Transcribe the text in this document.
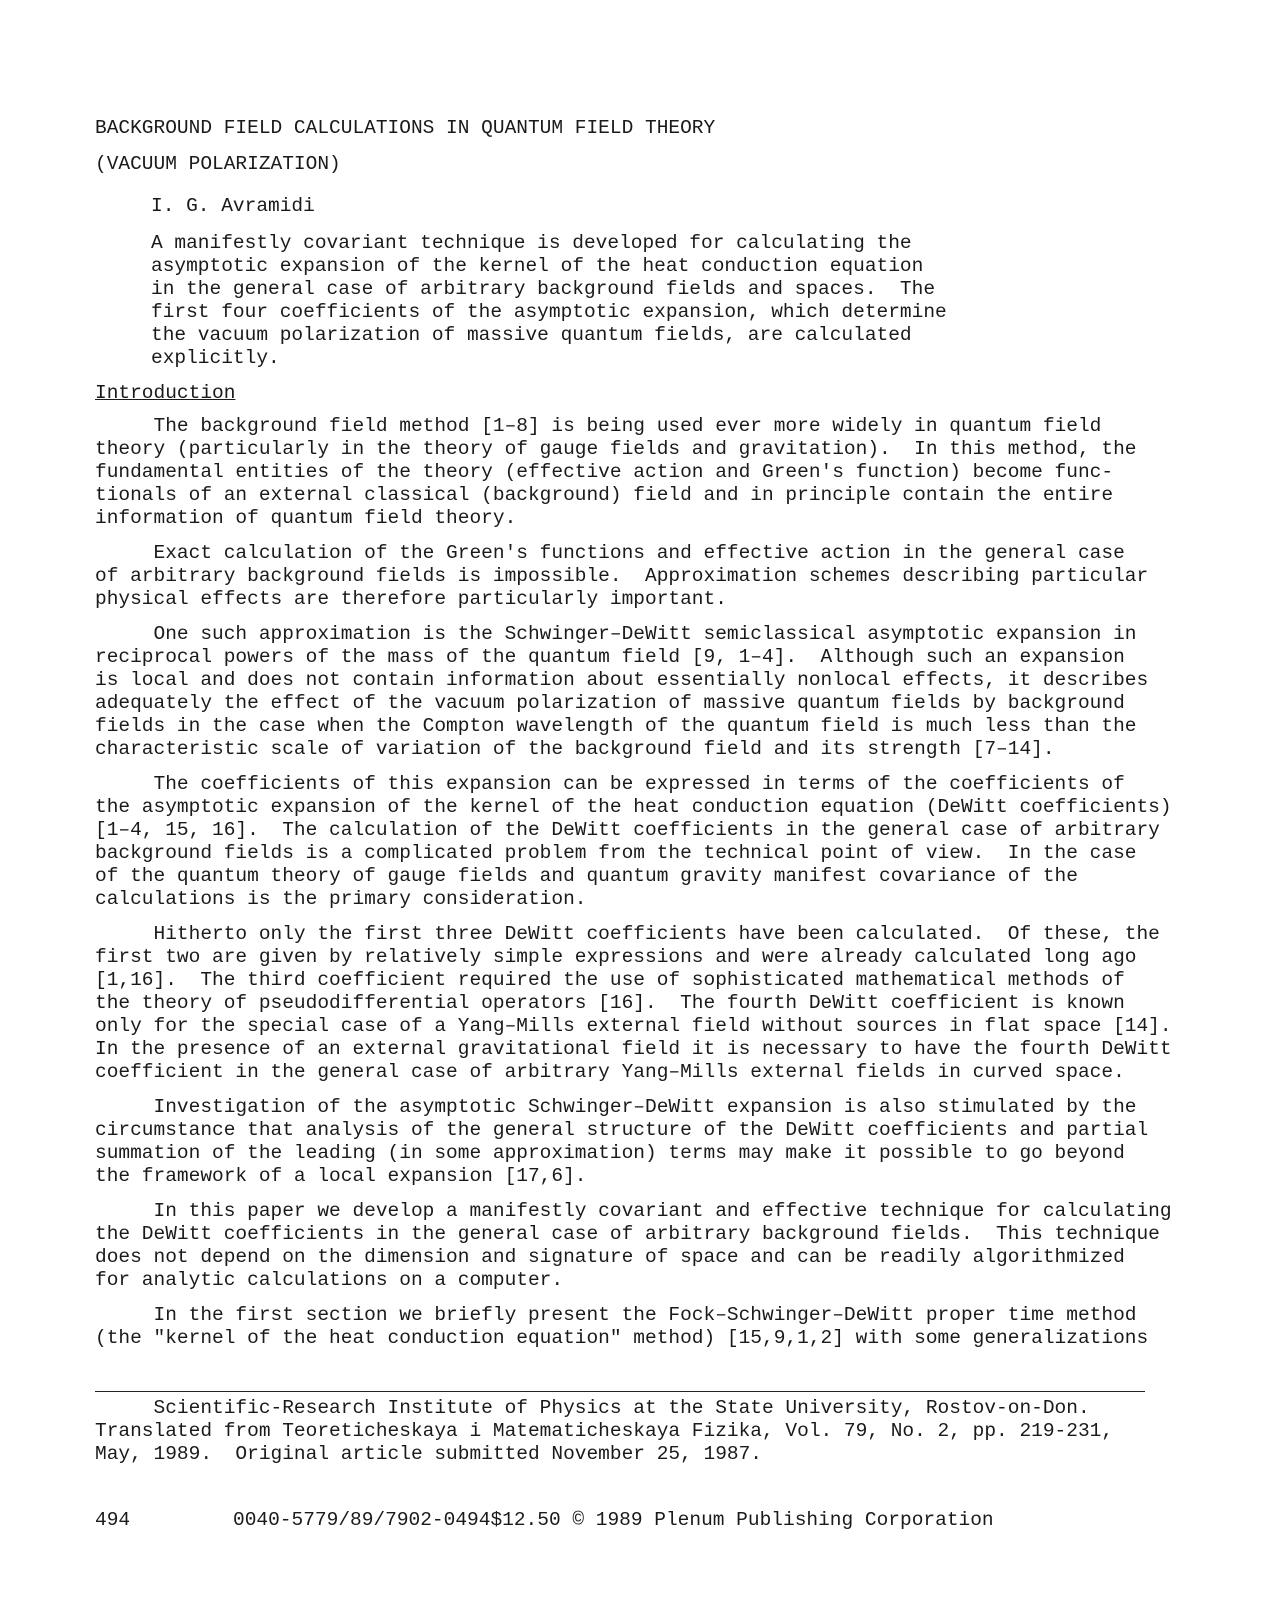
BACKGROUND FIELD CALCULATIONS IN QUANTUM FIELD THEORY
(VACUUM POLARIZATION)
I. G. Avramidi
A manifestly covariant technique is developed for calculating the
asymptotic expansion of the kernel of the heat conduction equation
in the general case of arbitrary background fields and spaces.  The
first four coefficients of the asymptotic expansion, which determine
the vacuum polarization of massive quantum fields, are calculated
explicitly.
Introduction
The background field method [1–8] is being used ever more widely in quantum field
theory (particularly in the theory of gauge fields and gravitation).  In this method, the
fundamental entities of the theory (effective action and Green's function) become func-
tionals of an external classical (background) field and in principle contain the entire
information of quantum field theory.
Exact calculation of the Green's functions and effective action in the general case
of arbitrary background fields is impossible.  Approximation schemes describing particular
physical effects are therefore particularly important.
One such approximation is the Schwinger–DeWitt semiclassical asymptotic expansion in
reciprocal powers of the mass of the quantum field [9, 1–4].  Although such an expansion
is local and does not contain information about essentially nonlocal effects, it describes
adequately the effect of the vacuum polarization of massive quantum fields by background
fields in the case when the Compton wavelength of the quantum field is much less than the
characteristic scale of variation of the background field and its strength [7–14].
The coefficients of this expansion can be expressed in terms of the coefficients of
the asymptotic expansion of the kernel of the heat conduction equation (DeWitt coefficients)
[1–4, 15, 16].  The calculation of the DeWitt coefficients in the general case of arbitrary
background fields is a complicated problem from the technical point of view.  In the case
of the quantum theory of gauge fields and quantum gravity manifest covariance of the
calculations is the primary consideration.
Hitherto only the first three DeWitt coefficients have been calculated.  Of these, the
first two are given by relatively simple expressions and were already calculated long ago
[1,16].  The third coefficient required the use of sophisticated mathematical methods of
the theory of pseudodifferential operators [16].  The fourth DeWitt coefficient is known
only for the special case of a Yang–Mills external field without sources in flat space [14].
In the presence of an external gravitational field it is necessary to have the fourth DeWitt
coefficient in the general case of arbitrary Yang–Mills external fields in curved space.
Investigation of the asymptotic Schwinger–DeWitt expansion is also stimulated by the
circumstance that analysis of the general structure of the DeWitt coefficients and partial
summation of the leading (in some approximation) terms may make it possible to go beyond
the framework of a local expansion [17,6].
In this paper we develop a manifestly covariant and effective technique for calculating
the DeWitt coefficients in the general case of arbitrary background fields.  This technique
does not depend on the dimension and signature of space and can be readily algorithmized
for analytic calculations on a computer.
In the first section we briefly present the Fock–Schwinger–DeWitt proper time method
(the "kernel of the heat conduction equation" method) [15,9,1,2] with some generalizations
Scientific-Research Institute of Physics at the State University, Rostov-on-Don.
Translated from Teoreticheskaya i Matematicheskaya Fizika, Vol. 79, No. 2, pp. 219-231,
May, 1989.  Original article submitted November 25, 1987.
494	0040-5779/89/7902-0494$12.50 © 1989 Plenum Publishing Corporation
